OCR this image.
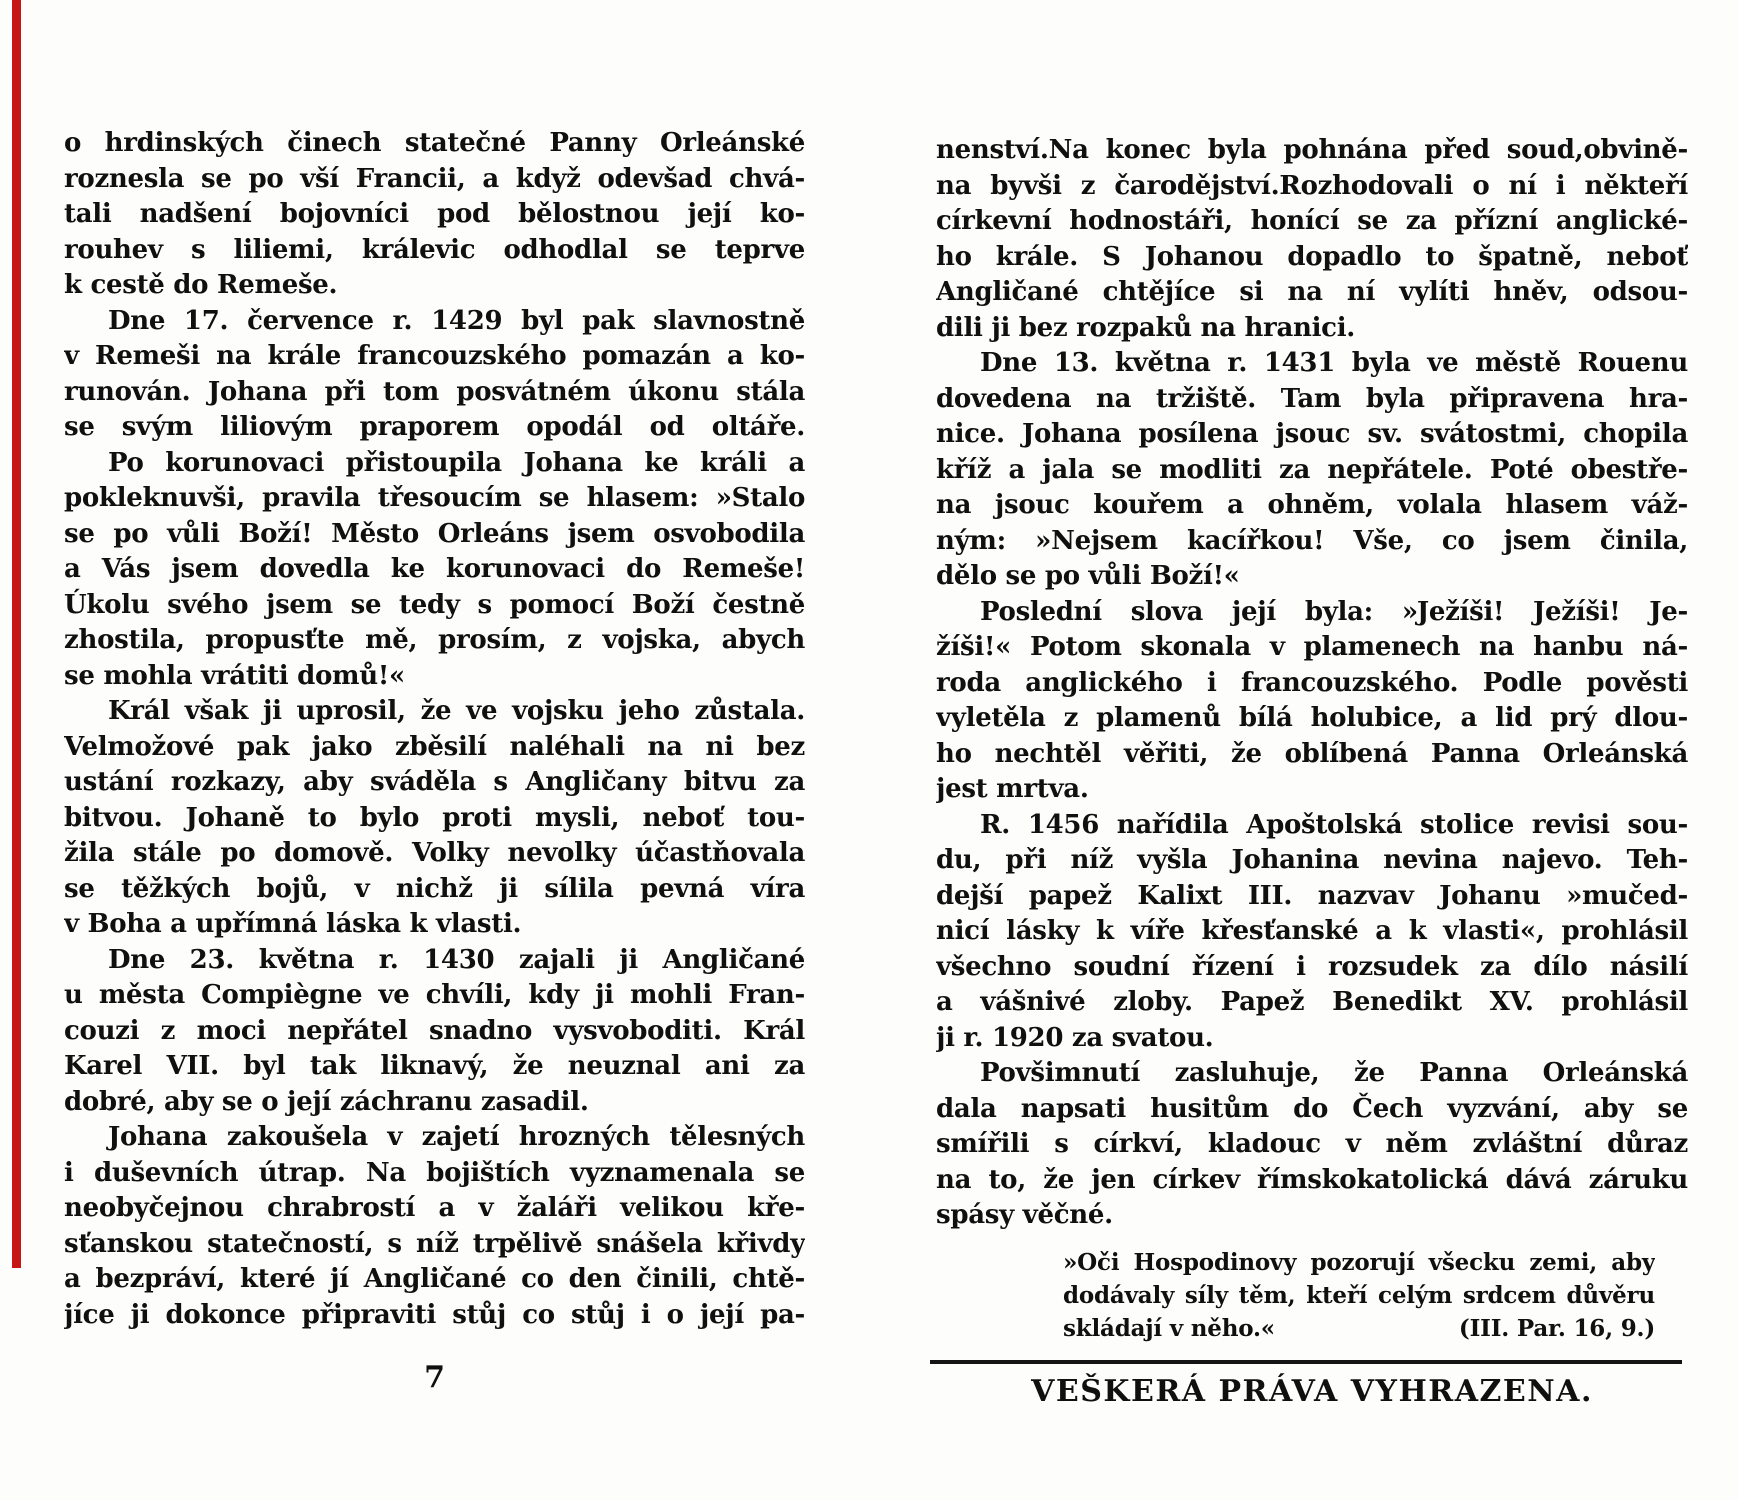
o hrdinských činech statečné Panny Orleánské
roznesla se po vší Francii, a když odevšad chvá-
tali nadšení bojovníci pod bělostnou její ko-
rouhev s liliemi, králevic odhodlal se teprve
k cestě do Remeše.
Dne 17. července r. 1429 byl pak slavnostně
v Remeši na krále francouzského pomazán a ko-
runován. Johana při tom posvátném úkonu stála
se svým liliovým praporem opodál od oltáře.
Po korunovaci přistoupila Johana ke králi a
pokleknuvši, pravila třesoucím se hlasem: »Stalo
se po vůli Boží! Město Orleáns jsem osvobodila
a Vás jsem dovedla ke korunovaci do Remeše!
Úkolu svého jsem se tedy s pomocí Boží čestně
zhostila, propusťte mě, prosím, z vojska, abych
se mohla vrátiti domů!«
Král však ji uprosil, že ve vojsku jeho zůstala.
Velmožové pak jako zběsilí naléhali na ni bez
ustání rozkazy, aby sváděla s Angličany bitvu za
bitvou. Johaně to bylo proti mysli, neboť tou-
žila stále po domově. Volky nevolky účastňovala
se těžkých bojů, v nichž ji sílila pevná víra
v Boha a upřímná láska k vlasti.
Dne 23. května r. 1430 zajali ji Angličané
u města Compiègne ve chvíli, kdy ji mohli Fran-
couzi z moci nepřátel snadno vysvoboditi. Král
Karel VII. byl tak liknavý, že neuznal ani za
dobré, aby se o její záchranu zasadil.
Johana zakoušela v zajetí hrozných tělesných
i duševních útrap. Na bojištích vyznamenala se
neobyčejnou chrabrostí a v žaláři velikou kře-
sťanskou statečností, s níž trpělivě snášela křivdy
a bezpráví, které jí Angličané co den činili, chtě-
jíce ji dokonce připraviti stůj co stůj i o její pa-
7
nenství.Na konec byla pohnána před soud,obvině-
na byvši z čarodějství.Rozhodovali o ní i někteří
církevní hodnostáři, honící se za přízní anglické-
ho krále. S Johanou dopadlo to špatně, neboť
Angličané chtějíce si na ní vylíti hněv, odsou-
dili ji bez rozpaků na hranici.
Dne 13. května r. 1431 byla ve městě Rouenu
dovedena na tržiště. Tam byla připravena hra-
nice. Johana posílena jsouc sv. svátostmi, chopila
kříž a jala se modliti za nepřátele. Poté obestře-
na jsouc kouřem a ohněm, volala hlasem váž-
ným: »Nejsem kacířkou! Vše, co jsem činila,
dělo se po vůli Boží!«
Poslední slova její byla: »Ježíši! Ježíši! Je-
žíši!« Potom skonala v plamenech na hanbu ná-
roda anglického i francouzského. Podle pověsti
vyletěla z plamenů bílá holubice, a lid prý dlou-
ho nechtěl věřiti, že oblíbená Panna Orleánská
jest mrtva.
R. 1456 nařídila Apoštolská stolice revisi sou-
du, při níž vyšla Johanina nevina najevo. Teh-
dejší papež Kalixt III. nazvav Johanu »mučed-
nicí lásky k víře křesťanské a k vlasti«, prohlásil
všechno soudní řízení i rozsudek za dílo násilí
a vášnivé zloby. Papež Benedikt XV. prohlásil
ji r. 1920 za svatou.
Povšimnutí zasluhuje, že Panna Orleánská
dala napsati husitům do Čech vyzvání, aby se
smířili s církví, kladouc v něm zvláštní důraz
na to, že jen církev římskokatolická dává záruku
spásy věčné.
»Oči Hospodinovy pozorují všecku zemi, aby
dodávaly síly těm, kteří celým srdcem důvěru
skládají v něho.«	(III. Par. 16, 9.)
VEŠKERÁ PRÁVA VYHRAZENA.
